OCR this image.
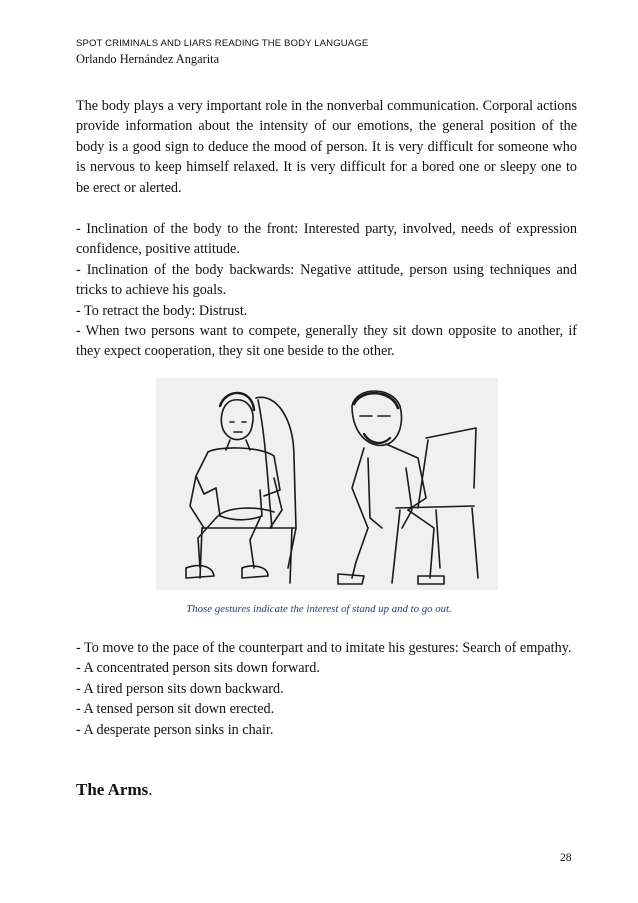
SPOT CRIMINALS AND LIARS READING THE BODY LANGUAGE
Orlando Hernández Angarita

The body plays a very important role in the nonverbal communication. Corporal actions provide information about the intensity of our emotions, the general position of the body is a good sign to deduce the mood of person. It is very difficult for someone who is nervous to keep himself relaxed. It is very difficult for a bored one or sleepy one to be erect or alerted.

- Inclination of the body to the front: Interested party, involved, needs of expression confidence, positive attitude.

- Inclination of the body backwards: Negative attitude, person using techniques and tricks to achieve his goals.

- To retract the body: Distrust.

- When two persons want to compete, generally they sit down opposite to another, if they expect cooperation, they sit one beside to the other.

Those gestures indicate the interest of stand up and to go out.

- To move to the pace of the counterpart and to imitate his gestures: Search of empathy.

- A concentrated person sits down forward.

- A tired person sits down backward.

- A tensed person sit down erected.

- A desperate person sinks in chair.

The Arms.
28
